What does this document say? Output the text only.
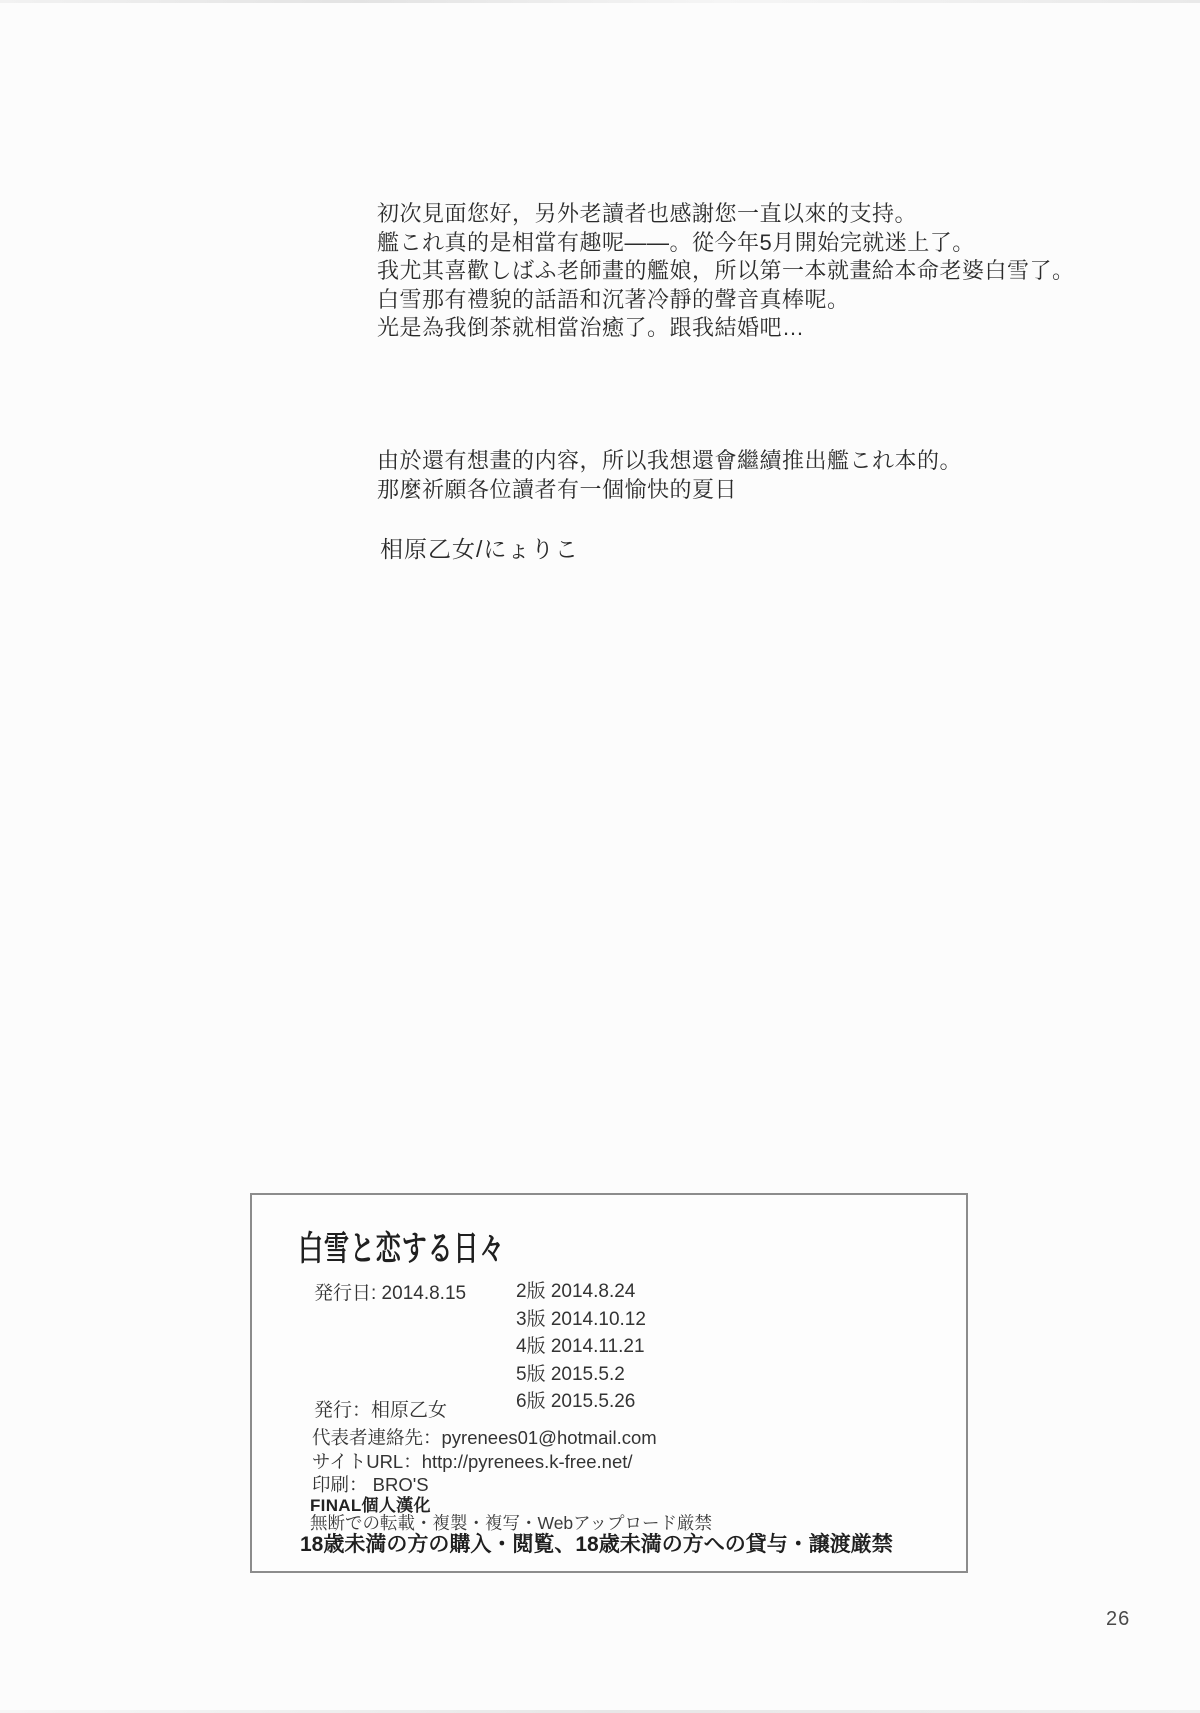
初次見面您好，另外老讀者也感謝您一直以來的支持。
艦これ真的是相當有趣呢——。從今年5月開始完就迷上了。
我尤其喜歡しばふ老師畫的艦娘，所以第一本就畫給本命老婆白雪了。
白雪那有禮貌的話語和沉著冷靜的聲音真棒呢。
光是為我倒茶就相當治癒了。跟我結婚吧…
由於還有想畫的内容，所以我想還會繼續推出艦これ本的。
那麼祈願各位讀者有一個愉快的夏日
相原乙女/にょりこ
白雪と恋する日々
発行日: 2014.8.15	2版 2014.8.24
3版 2014.10.12
4版 2014.11.21
5版 2015.5.2
6版 2015.5.26
発行：相原乙女
代表者連絡先：pyrenees01@hotmail.com
サイトURL：http://pyrenees.k-free.net/
印刷： BRO'S
FINAL個人漢化
無断での転載・複製・複写・Webアップロード厳禁
18歳未満の方の購入・閲覧、18歳未満の方への貸与・譲渡厳禁
26
